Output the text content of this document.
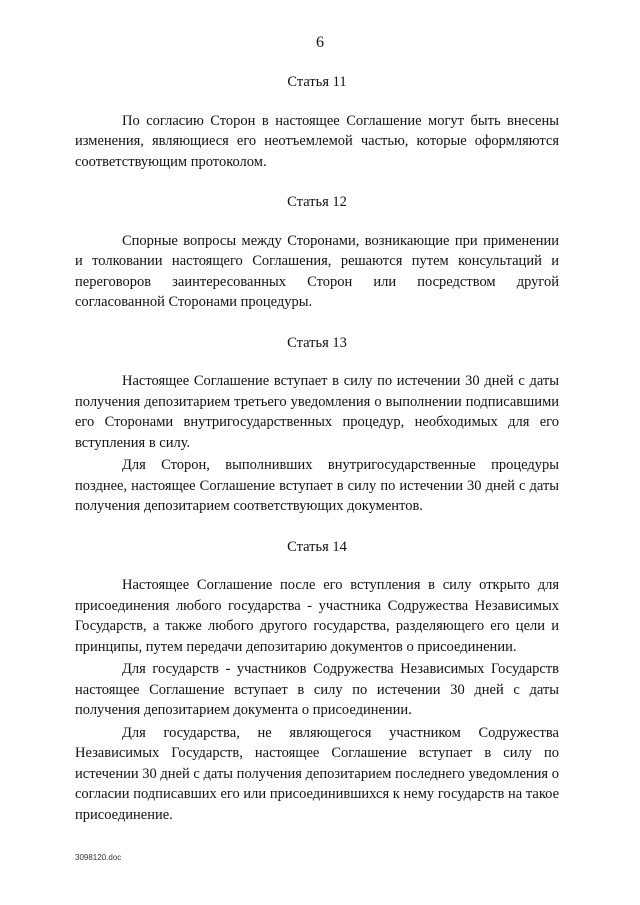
6
Статья 11

По согласию Сторон в настоящее Соглашение могут быть внесены изменения, являющиеся его неотъемлемой частью, которые оформляются соответствующим протоколом.

Статья 12

Спорные вопросы между Сторонами, возникающие при применении и толковании настоящего Соглашения, решаются путем консультаций и переговоров заинтересованных Сторон или посредством другой согласованной Сторонами процедуры.

Статья 13

Настоящее Соглашение вступает в силу по истечении 30 дней с даты получения депозитарием третьего уведомления о выполнении подписавшими его Сторонами внутригосударственных процедур, необходимых для его вступления в силу.

Для Сторон, выполнивших внутригосударственные процедуры позднее, настоящее Соглашение вступает в силу по истечении 30 дней с даты получения депозитарием соответствующих документов.

Статья 14

Настоящее Соглашение после его вступления в силу открыто для присоединения любого государства - участника Содружества Независимых Государств, а также любого другого государства, разделяющего его цели и принципы, путем передачи депозитарию документов о присоединении.

Для государств - участников Содружества Независимых Государств настоящее Соглашение вступает в силу по истечении 30 дней с даты получения депозитарием документа о присоединении.

Для государства, не являющегося участником Содружества Независимых Государств, настоящее Соглашение вступает в силу по истечении 30 дней с даты получения депозитарием последнего уведомления о согласии подписавших его или присоединившихся к нему государств на такое присоединение.

3098120.doc
